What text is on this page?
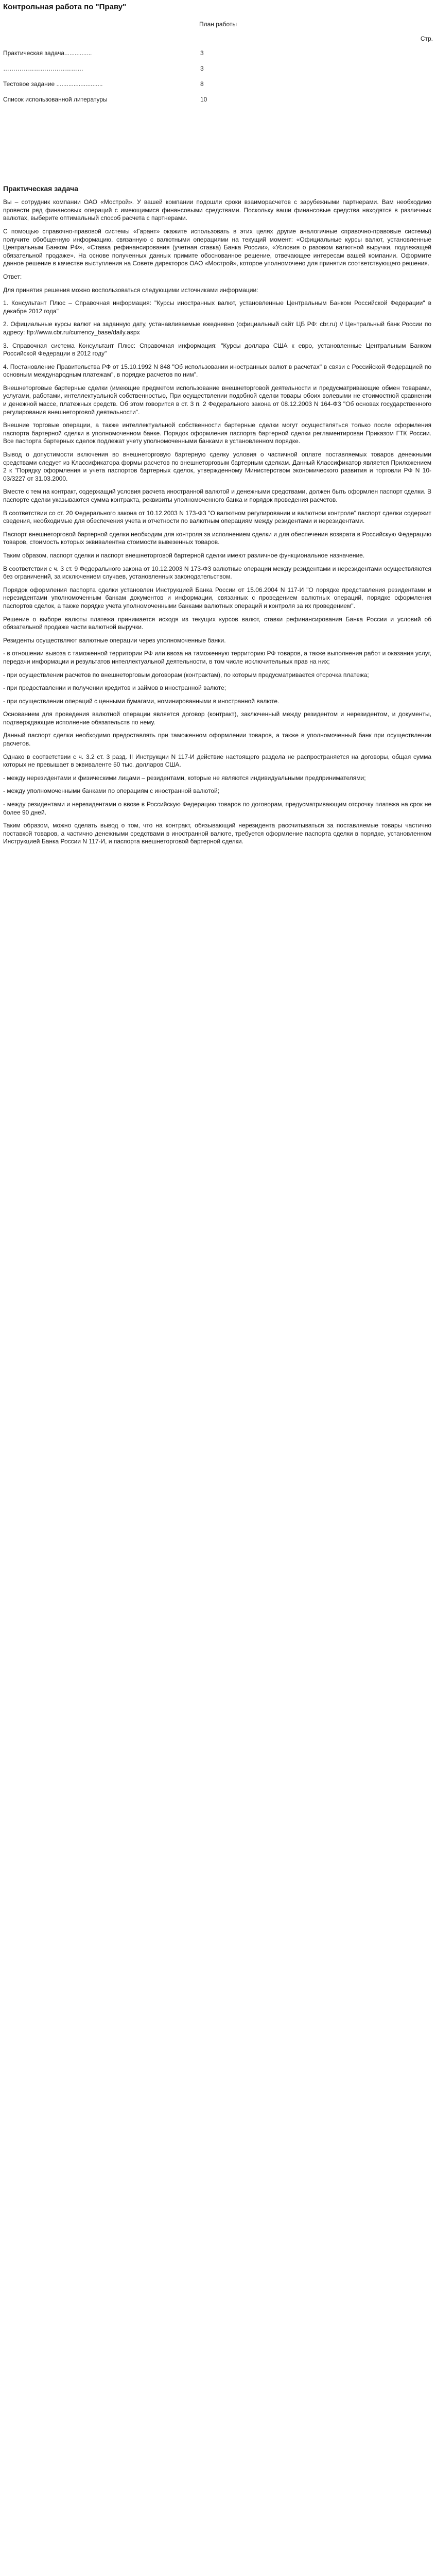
Контрольная работа по "Праву"
План работы
Стр.
Практическая задача................	3
…………………………………	3
Тестовое задание ...........................	8
Список использованной литературы	10
Практическая задача

Вы – сотрудник компании ОАО «Мострой». У вашей компании подошли сроки взаиморасчетов с зарубежными партнерами. Вам необходимо провести ряд финансовых операций с имеющимися финансовыми средствами. Поскольку ваши финансовые средства находятся в различных валютах, выберите оптимальный способ расчета с партнерами.

С помощью справочно-правовой системы «Гарант» окажите использовать в этих целях другие аналогичные справочно-правовые системы) получите обобщенную информацию, связанную с валютными операциями на текущий момент: «Официальные курсы валют, установленные Центральным Банком РФ», «Ставка рефинансирования (учетная ставка) Банка России», «Условия о разовом валютной выручки, подлежащей обязательной продаже». На основе полученных данных примите обоснованное решение, отвечающее интересам вашей компании. Оформите данное решение в качестве выступления на Совете директоров ОАО «Мострой», которое уполномочено для принятия соответствующего решения.

Ответ:

Для принятия решения можно воспользоваться следующими источниками информации:

1. Консультант Плюс – Справочная информация: "Курсы иностранных валют, установленные Центральным Банком Российской Федерации" в декабре 2012 года"

2. Официальные курсы валют на заданную дату, устанавливаемые ежедневно (официальный сайт ЦБ РФ: cbr.ru) // Центральный банк России по адресу: ftp://www.cbr.ru/currency_base/daily.aspx

3. Справочная система Консультант Плюс: Справочная информация: "Курсы доллара США к евро, установленные Центральным Банком Российской Федерации в 2012 году"

4. Постановление Правительства РФ от 15.10.1992 N 848 "Об использовании иностранных валют в расчетах" в связи с Российской Федерацией по основным международным платежам", в порядке расчетов по ним".

Внешнеторговые бартерные сделки (имеющие предметом использование внешнеторговой деятельности и предусматривающие обмен товарами, услугами, работами, интеллектуальной собственностью, При осуществлении подобной сделки товары обоих волевыми не стоимостной сравнении и денежной массе, платежных средств. Об этом говорится в ст. 3 п. 2 Федерального закона от 08.12.2003 N 164-ФЗ "Об основах государственного регулирования внешнеторговой деятельности".

Внешние торговые операции, а также интеллектуальной собственности бартерные сделки могут осуществляться только после оформления паспорта бартерной сделки в уполномоченном банке. Порядок оформления паспорта бартерной сделки регламентирован Приказом ГТК России. Все паспорта бартерных сделок подлежат учету уполномоченными банками в установленном порядке.

Вывод о допустимости включения во внешнеторговую бартерную сделку условия о частичной оплате поставляемых товаров денежными средствами следует из Классификатора формы расчетов по внешнеторговым бартерным сделкам. Данный Классификатор является Приложением 2 к "Порядку оформления и учета паспортов бартерных сделок, утвержденному Министерством экономического развития и торговли РФ N 10-03/3227 от 31.03.2000.

Вместе с тем на контракт, содержащий условия расчета иностранной валютой и денежными средствами, должен быть оформлен паспорт сделки. В паспорте сделки указываются сумма контракта, реквизиты уполномоченного банка и порядок проведения расчетов.

В соответствии со ст. 20 Федерального закона от 10.12.2003 N 173-ФЗ "О валютном регулировании и валютном контроле" паспорт сделки содержит сведения, необходимые для обеспечения учета и отчетности по валютным операциям между резидентами и нерезидентами.

Паспорт внешнеторговой бартерной сделки необходим для контроля за исполнением сделки и для обеспечения возврата в Российскую Федерацию товаров, стоимость которых эквивалентна стоимости вывезенных товаров.

Таким образом, паспорт сделки и паспорт внешнеторговой бартерной сделки имеют различное функциональное назначение.

В соответствии с ч. 3 ст. 9 Федерального закона от 10.12.2003 N 173-ФЗ валютные операции между резидентами и нерезидентами осуществляются без ограничений, за исключением случаев, установленных законодательством.

Порядок оформления паспорта сделки установлен Инструкцией Банка России от 15.06.2004 N 117-И "О порядке представления резидентами и нерезидентами уполномоченным банкам документов и информации, связанных с проведением валютных операций, порядке оформления паспортов сделок, а также порядке учета уполномоченными банками валютных операций и контроля за их проведением".

Решение о выборе валюты платежа принимается исходя из текущих курсов валют, ставки рефинансирования Банка России и условий об обязательной продаже части валютной выручки.

Резиденты осуществляют валютные операции через уполномоченные банки.

- в отношении вывоза с таможенной территории РФ или ввоза на таможенную территорию РФ товаров, а также выполнения работ и оказания услуг, передачи информации и результатов интеллектуальной деятельности, в том числе исключительных прав на них;

- при осуществлении расчетов по внешнеторговым договорам (контрактам), по которым предусматривается отсрочка платежа;

- при предоставлении и получении кредитов и займов в иностранной валюте;

- при осуществлении операций с ценными бумагами, номинированными в иностранной валюте.

Основанием для проведения валютной операции является договор (контракт), заключенный между резидентом и нерезидентом, и документы, подтверждающие исполнение обязательств по нему.

Данный паспорт сделки необходимо предоставлять при таможенном оформлении товаров, а также в уполномоченный банк при осуществлении расчетов.

Однако в соответствии с ч. 3.2 ст. 3 разд. II Инструкции N 117-И действие настоящего раздела не распространяется на договоры, общая сумма которых не превышает в эквиваленте 50 тыс. долларов США.

- между нерезидентами и физическими лицами – резидентами, которые не являются индивидуальными предпринимателями;

- между уполномоченными банками по операциям с иностранной валютой;

- между резидентами и нерезидентами о ввозе в Российскую Федерацию товаров по договорам, предусматривающим отсрочку платежа на срок не более 90 дней.

Таким образом, можно сделать вывод о том, что на контракт, обязывающий нерезидента рассчитываться за поставляемые товары частично поставкой товаров, а частично денежными средствами в иностранной валюте, требуется оформление паспорта сделки в порядке, установленном Инструкцией Банка России N 117-И, и паспорта внешнеторговой бартерной сделки.
